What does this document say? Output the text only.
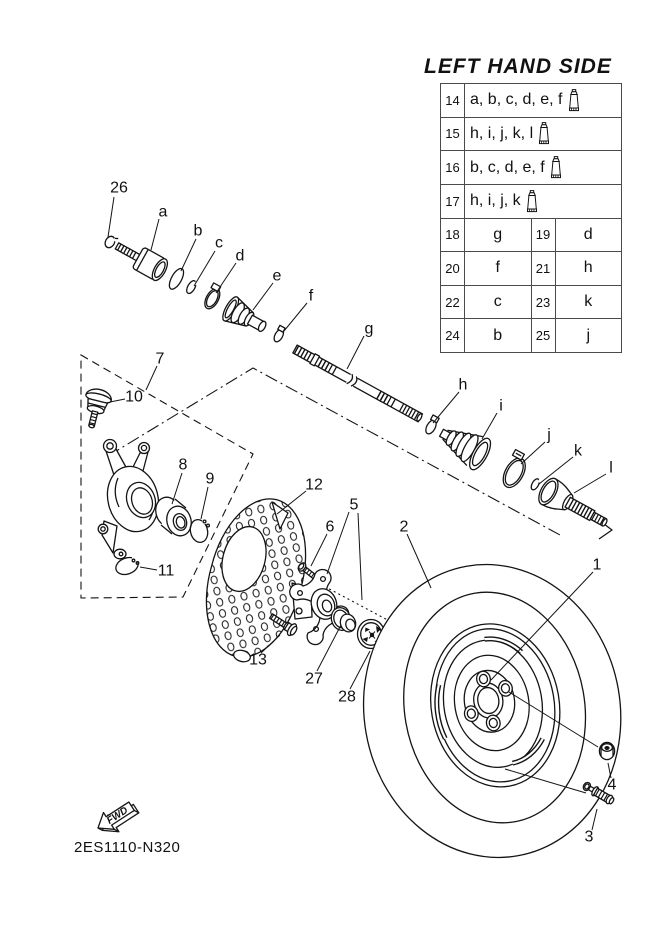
LEFT HAND SIDE
14 a, b, c, d, e, f
15 h, i, j, k, l
16 b, c, d, e, f
17 h, i, j, k
18	g	19	d
20	f	21	h
22	c	23	k
24	b	25	j
FWD
26
a
b
c
d
e
f
g
h
i
j
k
l
7
10
8
9
11
12
5
6
13
27
28
2
1
4
3
2ES1110-N320
